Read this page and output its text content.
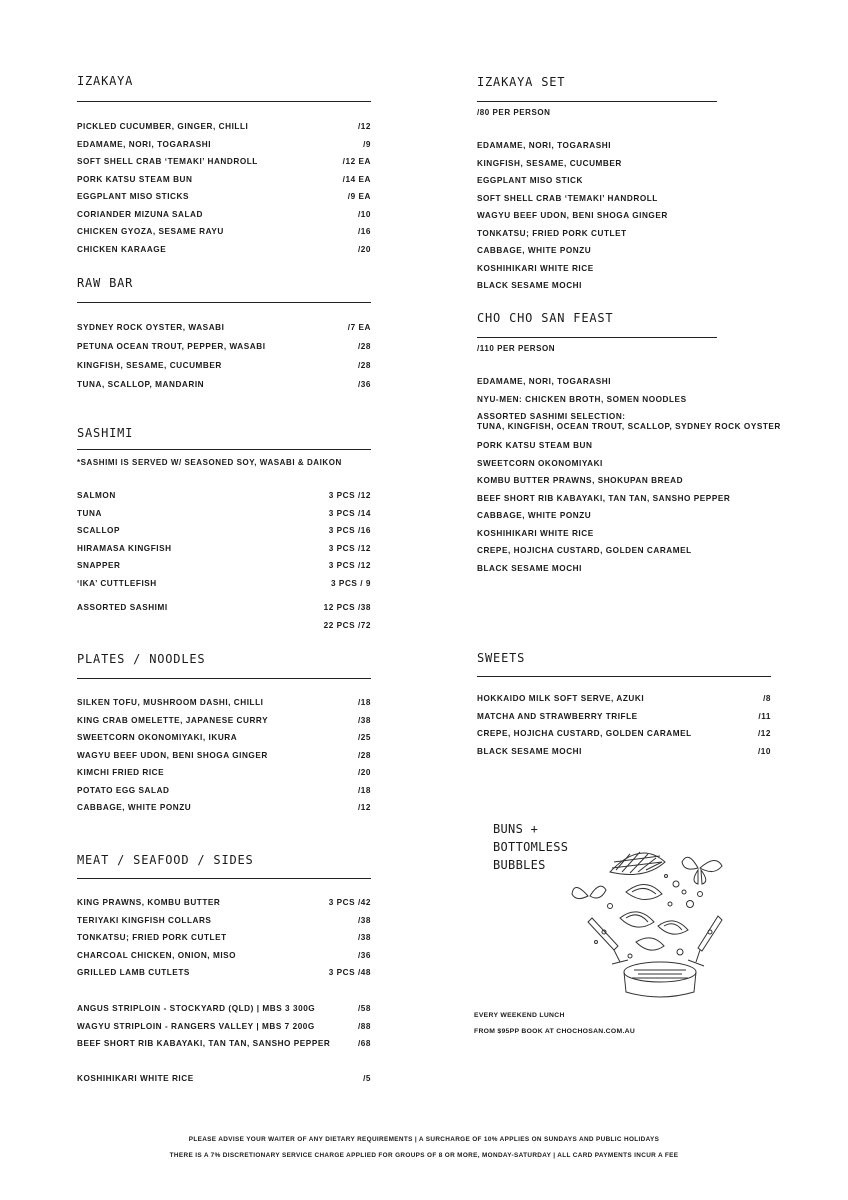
IZAKAYA
PICKLED CUCUMBER, GINGER, CHILLI	/12
EDAMAME, NORI, TOGARASHI	/9
SOFT SHELL CRAB ‘TEMAKI’ HANDROLL	/12 EA
PORK KATSU STEAM BUN	/14 EA
EGGPLANT MISO STICKS	/9 EA
CORIANDER MIZUNA SALAD	/10
CHICKEN GYOZA, SESAME RAYU	/16
CHICKEN KARAAGE	/20
RAW BAR
SYDNEY ROCK OYSTER, WASABI	/7 EA
PETUNA OCEAN TROUT, PEPPER, WASABI	/28
KINGFISH, SESAME, CUCUMBER	/28
TUNA, SCALLOP, MANDARIN	/36
SASHIMI
*SASHIMI IS SERVED W/ SEASONED SOY, WASABI & DAIKON
SALMON	3 PCS /12
TUNA	3 PCS /14
SCALLOP	3 PCS /16
HIRAMASA KINGFISH	3 PCS /12
SNAPPER	3 PCS /12
‘IKA’ CUTTLEFISH	3 PCS / 9
ASSORTED SASHIMI	12 PCS /38
22 PCS /72
PLATES / NOODLES
SILKEN TOFU, MUSHROOM DASHI, CHILLI	/18
KING CRAB OMELETTE, JAPANESE CURRY	/38
SWEETCORN OKONOMIYAKI, IKURA	/25
WAGYU BEEF UDON, BENI SHOGA GINGER	/28
KIMCHI FRIED RICE	/20
POTATO EGG SALAD	/18
CABBAGE, WHITE PONZU	/12
MEAT / SEAFOOD / SIDES
KING PRAWNS, KOMBU BUTTER	3 PCS /42
TERIYAKI KINGFISH COLLARS	/38
TONKATSU; FRIED PORK CUTLET	/38
CHARCOAL CHICKEN, ONION, MISO	/36
GRILLED LAMB CUTLETS	3 PCS /48
ANGUS STRIPLOIN - STOCKYARD (QLD) | MBS 3 300G	/58
WAGYU STRIPLOIN - RANGERS VALLEY | MBS 7 200G	/88
BEEF SHORT RIB KABAYAKI, TAN TAN, SANSHO PEPPER	/68
KOSHIHIKARI WHITE RICE	/5
IZAKAYA SET
/80 PER PERSON
EDAMAME, NORI, TOGARASHI
KINGFISH, SESAME, CUCUMBER
EGGPLANT MISO STICK
SOFT SHELL CRAB ‘TEMAKI’ HANDROLL
WAGYU BEEF UDON, BENI SHOGA GINGER
TONKATSU; FRIED PORK CUTLET
CABBAGE, WHITE PONZU
KOSHIHIKARI WHITE RICE
BLACK SESAME MOCHI
CHO CHO SAN FEAST
/110 PER PERSON
EDAMAME, NORI, TOGARASHI
NYU-MEN: CHICKEN BROTH, SOMEN NOODLES
ASSORTED SASHIMI SELECTION:
TUNA, KINGFISH, OCEAN TROUT, SCALLOP, SYDNEY ROCK OYSTER
PORK KATSU STEAM BUN
SWEETCORN OKONOMIYAKI
KOMBU BUTTER PRAWNS, SHOKUPAN BREAD
BEEF SHORT RIB KABAYAKI, TAN TAN, SANSHO PEPPER
CABBAGE, WHITE PONZU
KOSHIHIKARI WHITE RICE
CREPE, HOJICHA CUSTARD, GOLDEN CARAMEL
BLACK SESAME MOCHI
SWEETS
HOKKAIDO MILK SOFT SERVE, AZUKI	/8
MATCHA AND STRAWBERRY TRIFLE	/11
CREPE, HOJICHA CUSTARD, GOLDEN CARAMEL	/12
BLACK SESAME MOCHI	/10
BUNS +
BOTTOMLESS
BUBBLES
EVERY WEEKEND LUNCH
FROM $95PP BOOK AT CHOCHOSAN.COM.AU
PLEASE ADVISE YOUR WAITER OF ANY DIETARY REQUIREMENTS | A SURCHARGE OF 10% APPLIES ON SUNDAYS AND PUBLIC HOLIDAYS
THERE IS A 7% DISCRETIONARY SERVICE CHARGE APPLIED FOR GROUPS OF 8 OR MORE, MONDAY-SATURDAY | ALL CARD PAYMENTS INCUR A FEE
